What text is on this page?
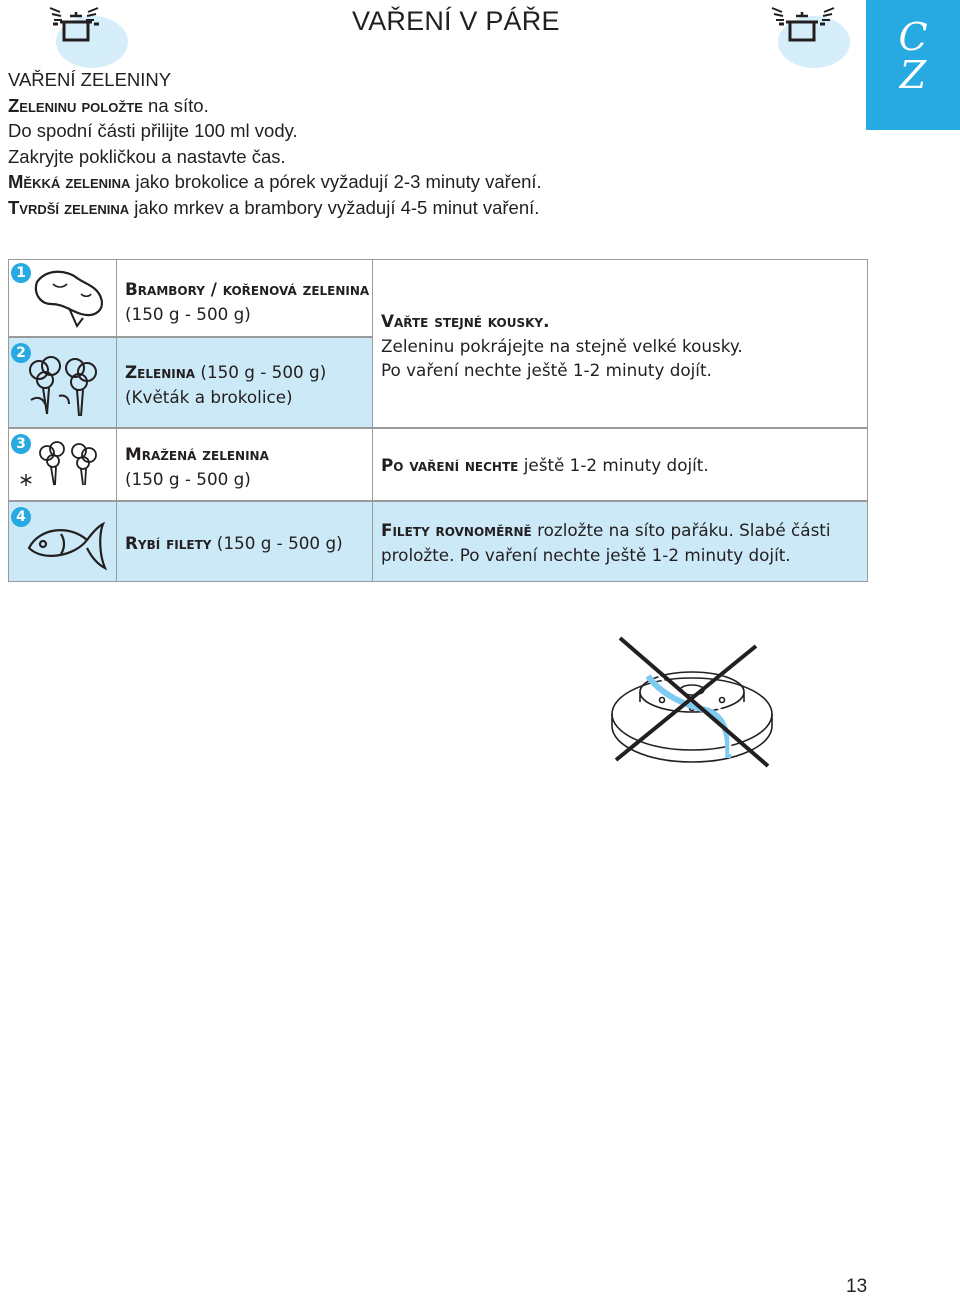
VAŘENÍ V PÁŘE	C
Z
VAŘENÍ ZELENINY
Zeleninu položte na síto.
Do spodní části přilijte 100 ml vody.
Zakryjte pokličkou a nastavte čas.
Měkká zelenina jako brokolice a pórek vyžadují 2-3 minuty vaření.
Tvrdší zelenina jako mrkev a brambory vyžadují 4-5 minut vaření.
1
2
3
4
Brambory / kořenová zelenina
(150 g - 500 g)
Zelenina (150 g - 500 g)
(Květák a brokolice)
Mražená zelenina
(150 g - 500 g)
Rybí filety (150 g - 500 g)
Vařte stejné kousky.
Zeleninu pokrájejte na stejně velké kousky.
Po vaření nechte ještě 1-2 minuty dojít.
Po vaření nechte ještě 1-2 minuty dojít.
Filety rovnoměrně rozložte na síto pařáku. Slabé části
proložte. Po vaření nechte ještě 1-2 minuty dojít.
13
